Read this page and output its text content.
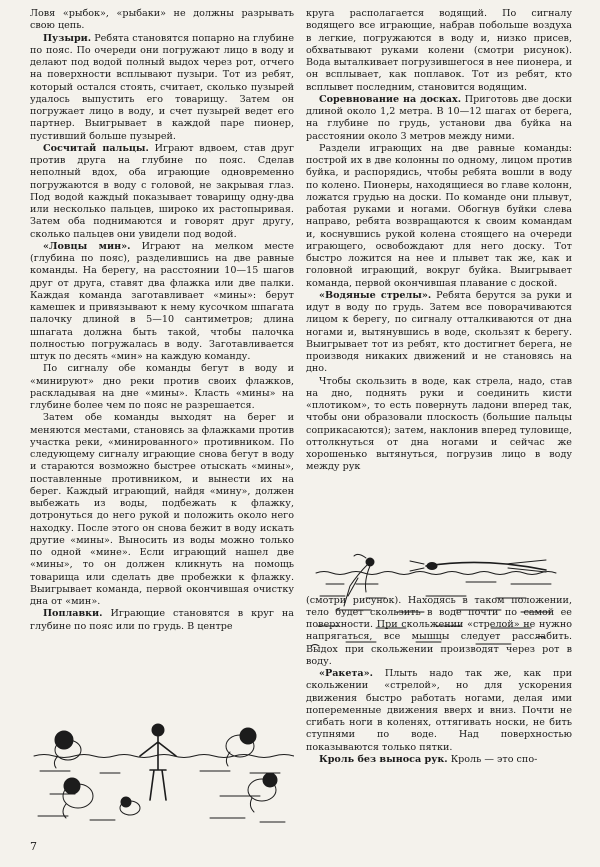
Ловя «рыбок», «рыбаки» не должны разрывать свою цепь.

Пузыри. Ребята становятся попарно на глубине по пояс. По очереди они погружают лицо в воду и делают под водой полный выдох через рот, отчего на поверхности всплывают пузыри. Тот из ребят, который остался стоять, считает, сколько пузырей удалось выпустить его товарищу. Затем он погружает лицо в воду, и счет пузырей ведет его партнер. Выигрывает в каждой паре пионер, пустивший больше пузырей.

Сосчитай пальцы. Играют вдвоем, став друг против друга на глубине по пояс. Сделав неполный вдох, оба играющие одновременно погружаются в воду с головой, не закрывая глаз. Под водой каждый показывает товарищу одну-два или несколько пальцев, широко их растопыривая. Затем оба поднимаются и говорят друг другу, сколько пальцев они увидели под водой.

«Ловцы мин». Играют на мелком месте (глубина по пояс), разделившись на две равные команды. На берегу, на расстоянии 10—15 шагов друг от друга, ставят два флажка или две палки. Каждая команда заготавливает «мины»: берут камешек и привязывают к нему кусочком шпагата палочку длиной в 5—10 сантиметров; длина шпагата должна быть такой, чтобы палочка полностью погружалась в воду. Заготавливается штук по десять «мин» на каждую команду.

По сигналу обе команды бегут в воду и «минируют» дно реки против своих флажков, раскладывая на дне «мины». Класть «мины» на глубине более чем по пояс не разрешается.

Затем обе команды выходят на берег и меняются местами, становясь за флажками против участка реки, «минированного» противником. По следующему сигналу играющие снова бегут в воду и стараются возможно быстрее отыскать «мины», поставленные противником, и вынести их на берег. Каждый играющий, найдя «мину», должен выбежать из воды, подбежать к флажку, дотронуться до него рукой и положить около него находку. После этого он снова бежит в воду искать другие «мины». Выносить из воды можно только по одной «мине». Если играющий нашел две «мины», то он должен кликнуть на помощь товарища или сделать две пробежки к флажку. Выигрывает команда, первой окончившая очистку дна от «мин».

Поплавки. Играющие становятся в круг на глубине по пояс или по грудь. В центре

круга располагается водящий. По сигналу водящего все играющие, набрав побольше воздуха в легкие, погружаются в воду и, низко присев, обхватывают руками колени (смотри рисунок). Вода выталкивает погрузившегося в нее пионера, и он всплывает, как поплавок. Тот из ребят, кто всплывет последним, становится водящим.

Соревнование на досках. Приготовь две доски длиной около 1,2 метра. В 10—12 шагах от берега, на глубине по грудь, установи два буйка на расстоянии около 3 метров между ними.

Раздели играющих на две равные команды: построй их в две колонны по одному, лицом против буйка, и распорядись, чтобы ребята вошли в воду по колено. Пионеры, находящиеся во главе колонн, ложатся грудью на доски. По команде они плывут, работая руками и ногами. Обогнув буйки слева направо, ребята возвращаются к своим командам и, коснувшись рукой колена стоящего на очереди играющего, освобождают для него доску. Тот быстро ложится на нее и плывет так же, как и головной играющий, вокруг буйка. Выигрывает команда, первой окончившая плавание с доской.

«Водяные стрелы». Ребята берутся за руки и идут в воду по грудь. Затем все поворачиваются лицом к берегу, по сигналу отталкиваются от дна ногами и, вытянувшись в воде, скользят к берегу. Выигрывает тот из ребят, кто достигнет берега, не производя никаких движений и не становясь на дно.

Чтобы скользить в воде, как стрела, надо, став на дно, поднять руки и соединить кисти «плотиком», то есть повернуть ладони вперед так, чтобы они образовали плоскость (большие пальцы соприкасаются); затем, наклонив вперед туловище, оттолкнуться от дна ногами и сейчас же хорошенько вытянуться, погрузив лицо в воду между рук

(смотри рисунок). Находясь в таком положении, тело будет скользить в воде почти по самой ее поверхности. При скольжении «стрелой» не нужно напрягаться, все мышцы следует расслабить. Выдох при скольжении производят через рот в воду.

«Ракета». Плыть надо так же, как при скольжении «стрелой», но для ускорения движения быстро работать ногами, делая ими попеременные движения вверх и вниз. Почти не сгибать ноги в коленях, оттягивать носки, не бить ступнями по воде. Над поверхностью показываются только пятки.

Кроль без выноса рук. Кроль — это спо-

7
